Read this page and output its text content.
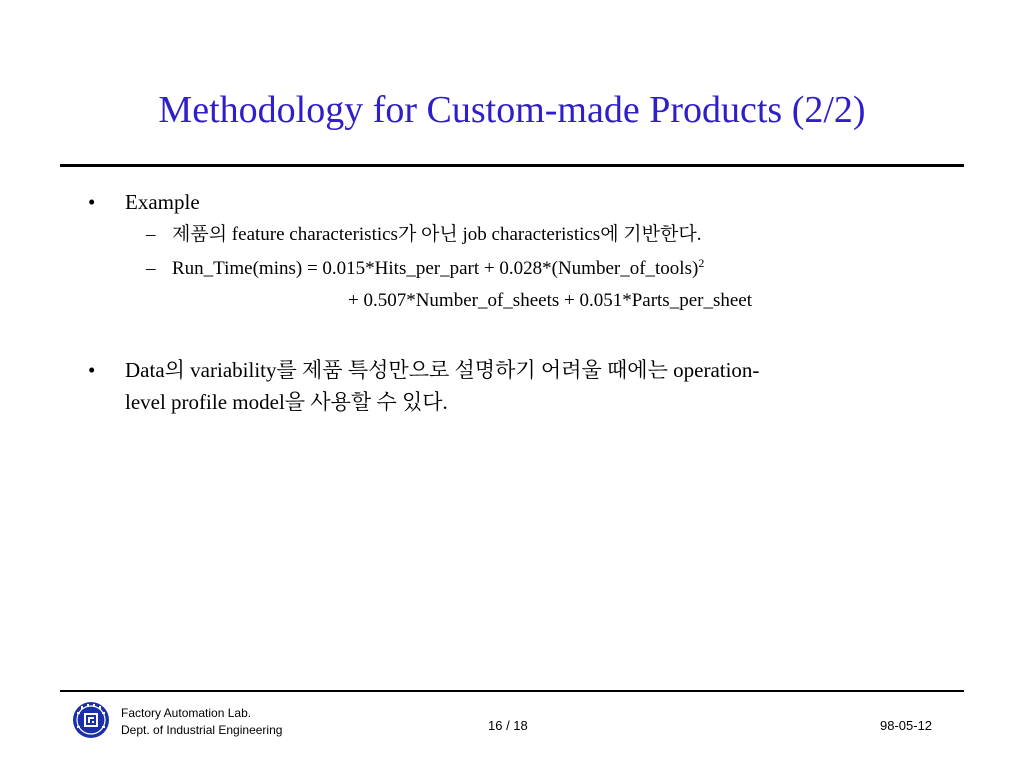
Methodology for Custom-made Products (2/2)
• Example
– 제품의 feature characteristics가 아닌 job characteristics에 기반한다.
– Run_Time(mins) = 0.015*Hits_per_part + 0.028*(Number_of_tools)$^2$
+ 0.507*Number_of_sheets + 0.051*Parts_per_sheet
• Data의 variability를 제품 특성만으로 설명하기 어려울 때에는 operation-
level profile model을 사용할 수 있다.
Factory Automation Lab.
Dept. of Industrial Engineering	16 / 18	98-05-12
